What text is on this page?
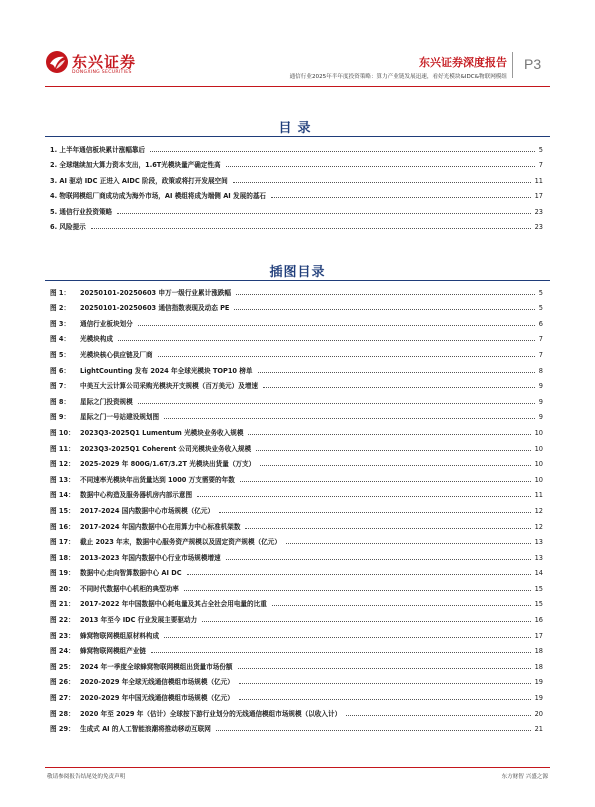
东兴证券
DONGXING SECURITIES
东兴证券深度报告
通信行业2025年半年度投资策略：算力产业链发展迅速，看好光模块&IDC&物联网模组
P3
目录
1. 上半年通信板块累计涨幅靠后	5
2. 全球继续加大算力资本支出，1.6T光模块量产确定性高	7
3. AI 驱动 IDC 正进入 AIDC 阶段，政策或将打开发展空间	11
4. 物联网模组厂商成功成为海外市场，AI 模组将成为端侧 AI 发展的基石	17
5. 通信行业投资策略	23
6. 风险提示	23
插图目录
图 1：	20250101-20250603 申万一级行业累计涨跌幅	5
图 2：	20250101-20250603 通信指数表现及动态 PE	5
图 3：	通信行业板块划分	6
图 4：	光模块构成	7
图 5：	光模块核心供应链及厂商	7
图 6：	LightCounting 发布 2024 年全球光模块 TOP10 榜单	8
图 7：	中美互大云计算公司采购光模块开支规模（百万美元）及增速	9
图 8：	星际之门投资规模	9
图 9：	星际之门一号站建设规划图	9
图 10： 2023Q3-2025Q1 Lumentum 光模块业务收入规模	10
图 11： 2023Q3-2025Q1 Coherent 公司光模块业务收入规模	10
图 12： 2025-2029 年 800G/1.6T/3.2T 光模块出货量（万支）	10
图 13： 不同速率光模块年出货量达到 1000 万支需要的年数	10
图 14： 数据中心构造及服务器机房内部示意图	11
图 15： 2017-2024 国内数据中心市场规模（亿元）	12
图 16： 2017-2024 年国内数据中心在用算力中心标准机架数	12
图 17： 截止 2023 年末，数据中心服务资产规模以及固定资产规模（亿元）	13
图 18： 2013-2023 年国内数据中心行业市场规模增速	13
图 19： 数据中心走向智算数据中心 AI DC	14
图 20： 不同时代数据中心机柜的典型功率	15
图 21： 2017-2022 年中国数据中心耗电量及其占全社会用电量的比重	15
图 22： 2013 年至今 IDC 行业发展主要驱动力	16
图 23： 蜂窝物联网模组原材料构成	17
图 24： 蜂窝物联网模组产业链	18
图 25： 2024 年一季度全球蜂窝物联网模组出货量市场份额	18
图 26： 2020-2029 年全球无线通信模组市场规模（亿元）	19
图 27： 2020-2029 年中国无线通信模组市场规模（亿元）	19
图 28： 2020 年至 2029 年（估计）全球按下游行业划分的无线通信模组市场规模（以收入计）	20
图 29： 生成式 AI 的人工智能浪潮将推动移动互联网	21
敬请参阅报告结尾处的免责声明	东方财智 兴盛之源
